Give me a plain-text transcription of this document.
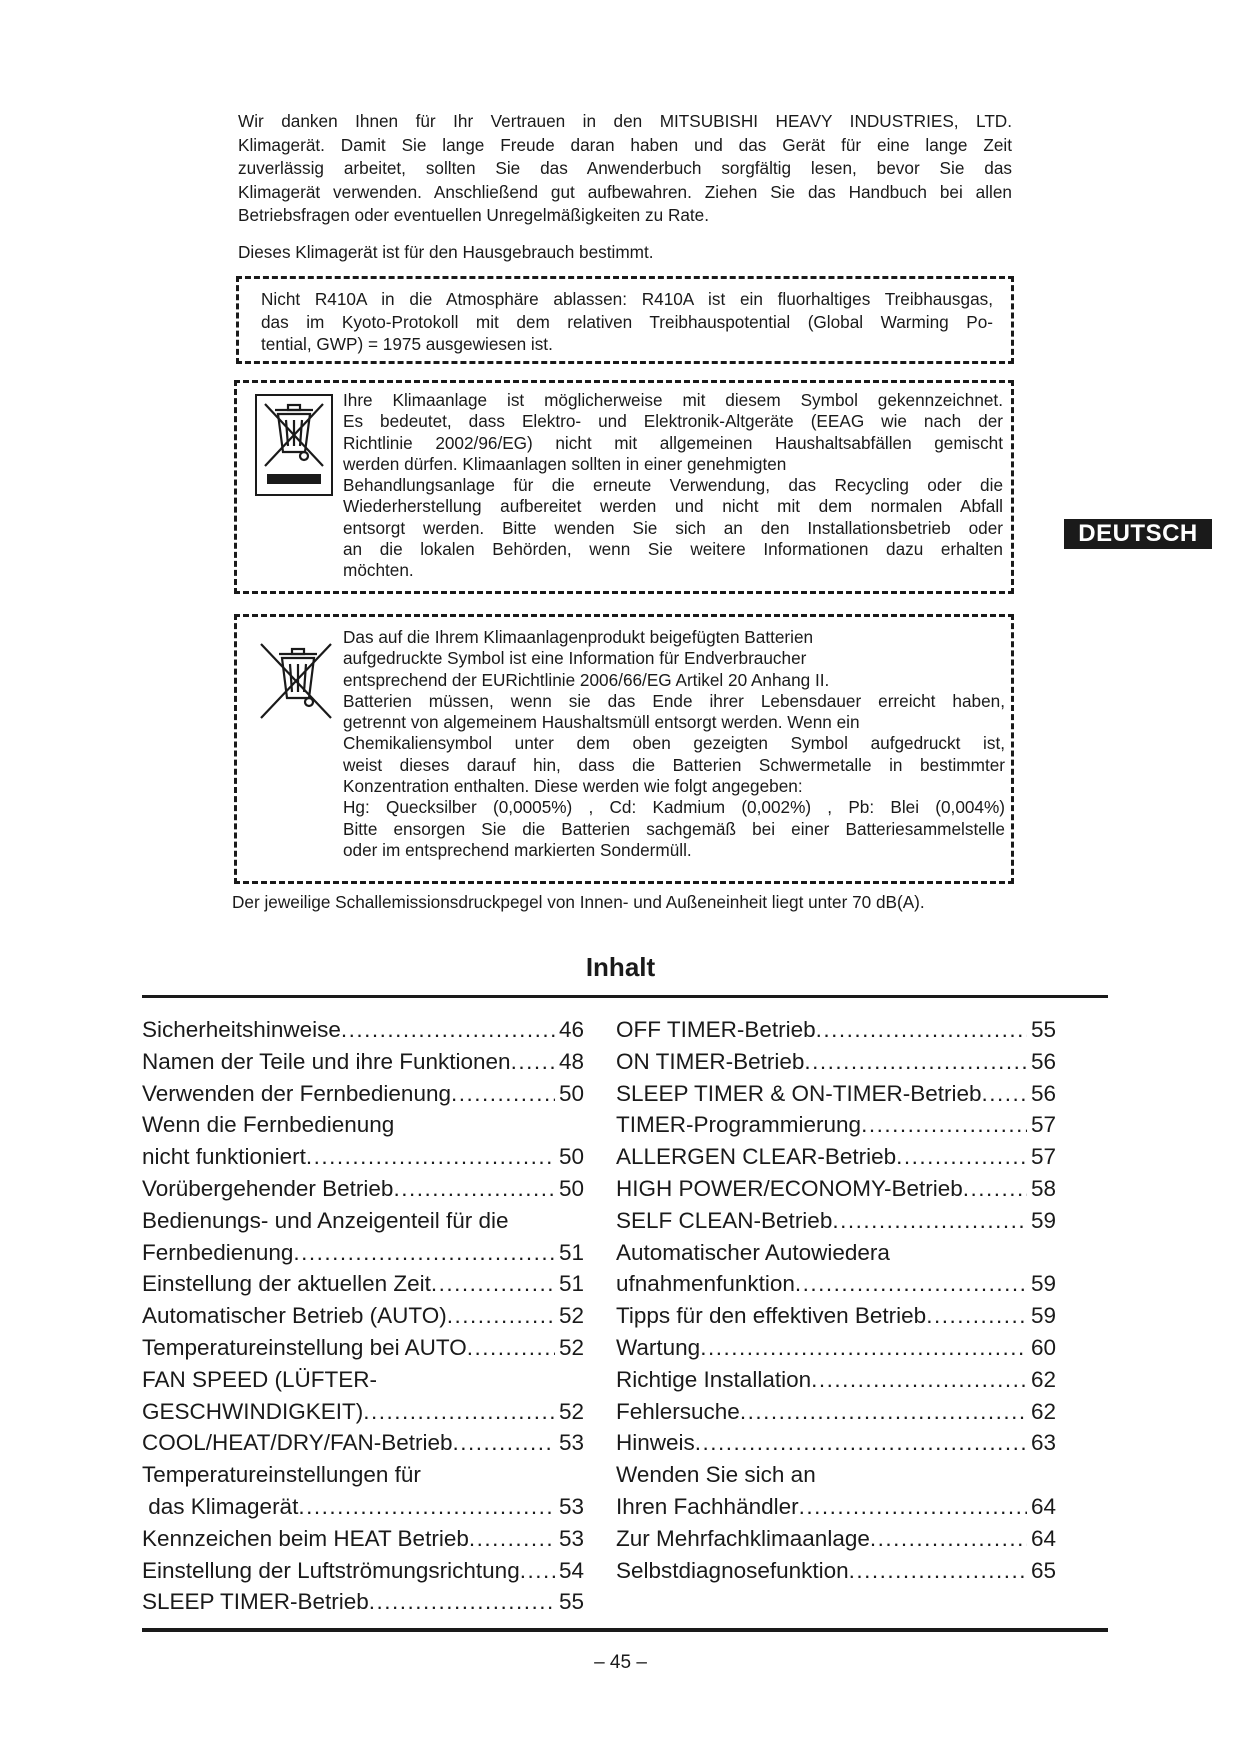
Wir danken Ihnen für Ihr Vertrauen in den MITSUBISHI HEAVY INDUSTRIES, LTD.
Klimagerät. Damit Sie lange Freude daran haben und das Gerät für eine lange Zeit
zuverlässig arbeitet, sollten Sie das Anwenderbuch sorgfältig lesen, bevor Sie das
Klimagerät verwenden. Anschließend gut aufbewahren. Ziehen Sie das Handbuch bei allen
Betriebsfragen oder eventuellen Unregelmäßigkeiten zu Rate.
Dieses Klimagerät ist für den Hausgebrauch bestimmt.
Nicht R410A in die Atmosphäre ablassen: R410A ist ein fluorhaltiges Treibhausgas,
das im Kyoto-Protokoll mit dem relativen Treibhauspotential (Global Warming Po-
tential, GWP) = 1975 ausgewiesen ist.
Ihre Klimaanlage ist möglicherweise mit diesem Symbol gekennzeichnet.
Es bedeutet, dass Elektro- und Elektronik-Altgeräte (EEAG wie nach der
Richtlinie 2002/96/EG) nicht mit allgemeinen Haushaltsabfällen gemischt
werden dürfen. Klimaanlagen sollten in einer genehmigten
Behandlungsanlage für die erneute Verwendung, das Recycling oder die
Wiederherstellung aufbereitet werden und nicht mit dem normalen Abfall
entsorgt werden. Bitte wenden Sie sich an den Installationsbetrieb oder
an die lokalen Behörden, wenn Sie weitere Informationen dazu erhalten
möchten.
DEUTSCH
Das auf die Ihrem Klimaanlagenprodukt beigefügten Batterien
aufgedruckte Symbol ist eine Information für Endverbraucher
entsprechend der EURichtlinie 2006/66/EG Artikel 20 Anhang II.
Batterien müssen, wenn sie das Ende ihrer Lebensdauer erreicht haben,
getrennt von algemeinem Haushaltsmüll entsorgt werden. Wenn ein
Chemikaliensymbol unter dem oben gezeigten Symbol aufgedruckt ist,
weist dieses darauf hin, dass die Batterien Schwermetalle in bestimmter
Konzentration enthalten. Diese werden wie folgt angegeben:
Hg: Quecksilber (0,0005%) , Cd: Kadmium (0,002%) , Pb: Blei (0,004%)
Bitte ensorgen Sie die Batterien sachgemäß bei einer Batteriesammelstelle
oder im entsprechend markierten Sondermüll.
Der jeweilige Schallemissionsdruckpegel von Innen- und Außeneinheit liegt unter 70 dB(A).
Inhalt
Sicherheitshinweise .....	46
Namen der Teile und ihre Funktionen ..... 48
Verwenden der Fernbedienung .....	50
Wenn die Fernbedienung
nicht funktioniert .....	50
Vorübergehender Betrieb .....	50
Bedienungs- und Anzeigenteil für die
Fernbedienung .....	51
Einstellung der aktuellen Zeit .....	51
Automatischer Betrieb (AUTO) .....	52
Temperatureinstellung bei AUTO .....	52
FAN SPEED (LÜFTER-
GESCHWINDIGKEIT) .....	52
COOL/HEAT/DRY/FAN-Betrieb .....	53
Temperatureinstellungen für
das Klimagerät .....	53
Kennzeichen beim HEAT Betrieb .....	53
Einstellung der Luftströmungsrichtung ..... 54
SLEEP TIMER-Betrieb .....	55
OFF TIMER-Betrieb .....	55
ON TIMER-Betrieb .....	56
SLEEP TIMER & ON-TIMER-Betrieb ..... 56
TIMER-Programmierung .....	57
ALLERGEN CLEAR-Betrieb .....	57
HIGH POWER/ECONOMY-Betrieb .....	58
SELF CLEAN-Betrieb .....	59
Automatischer Autowiedera
ufnahmenfunktion .....	59
Tipps für den effektiven Betrieb .....	59
Wartung .....	60
Richtige Installation .....	62
Fehlersuche .....	62
Hinweis .....	63
Wenden Sie sich an
Ihren Fachhändler .....	64
Zur Mehrfachklimaanlage .....	64
Selbstdiagnosefunktion .....	65
– 45 –
